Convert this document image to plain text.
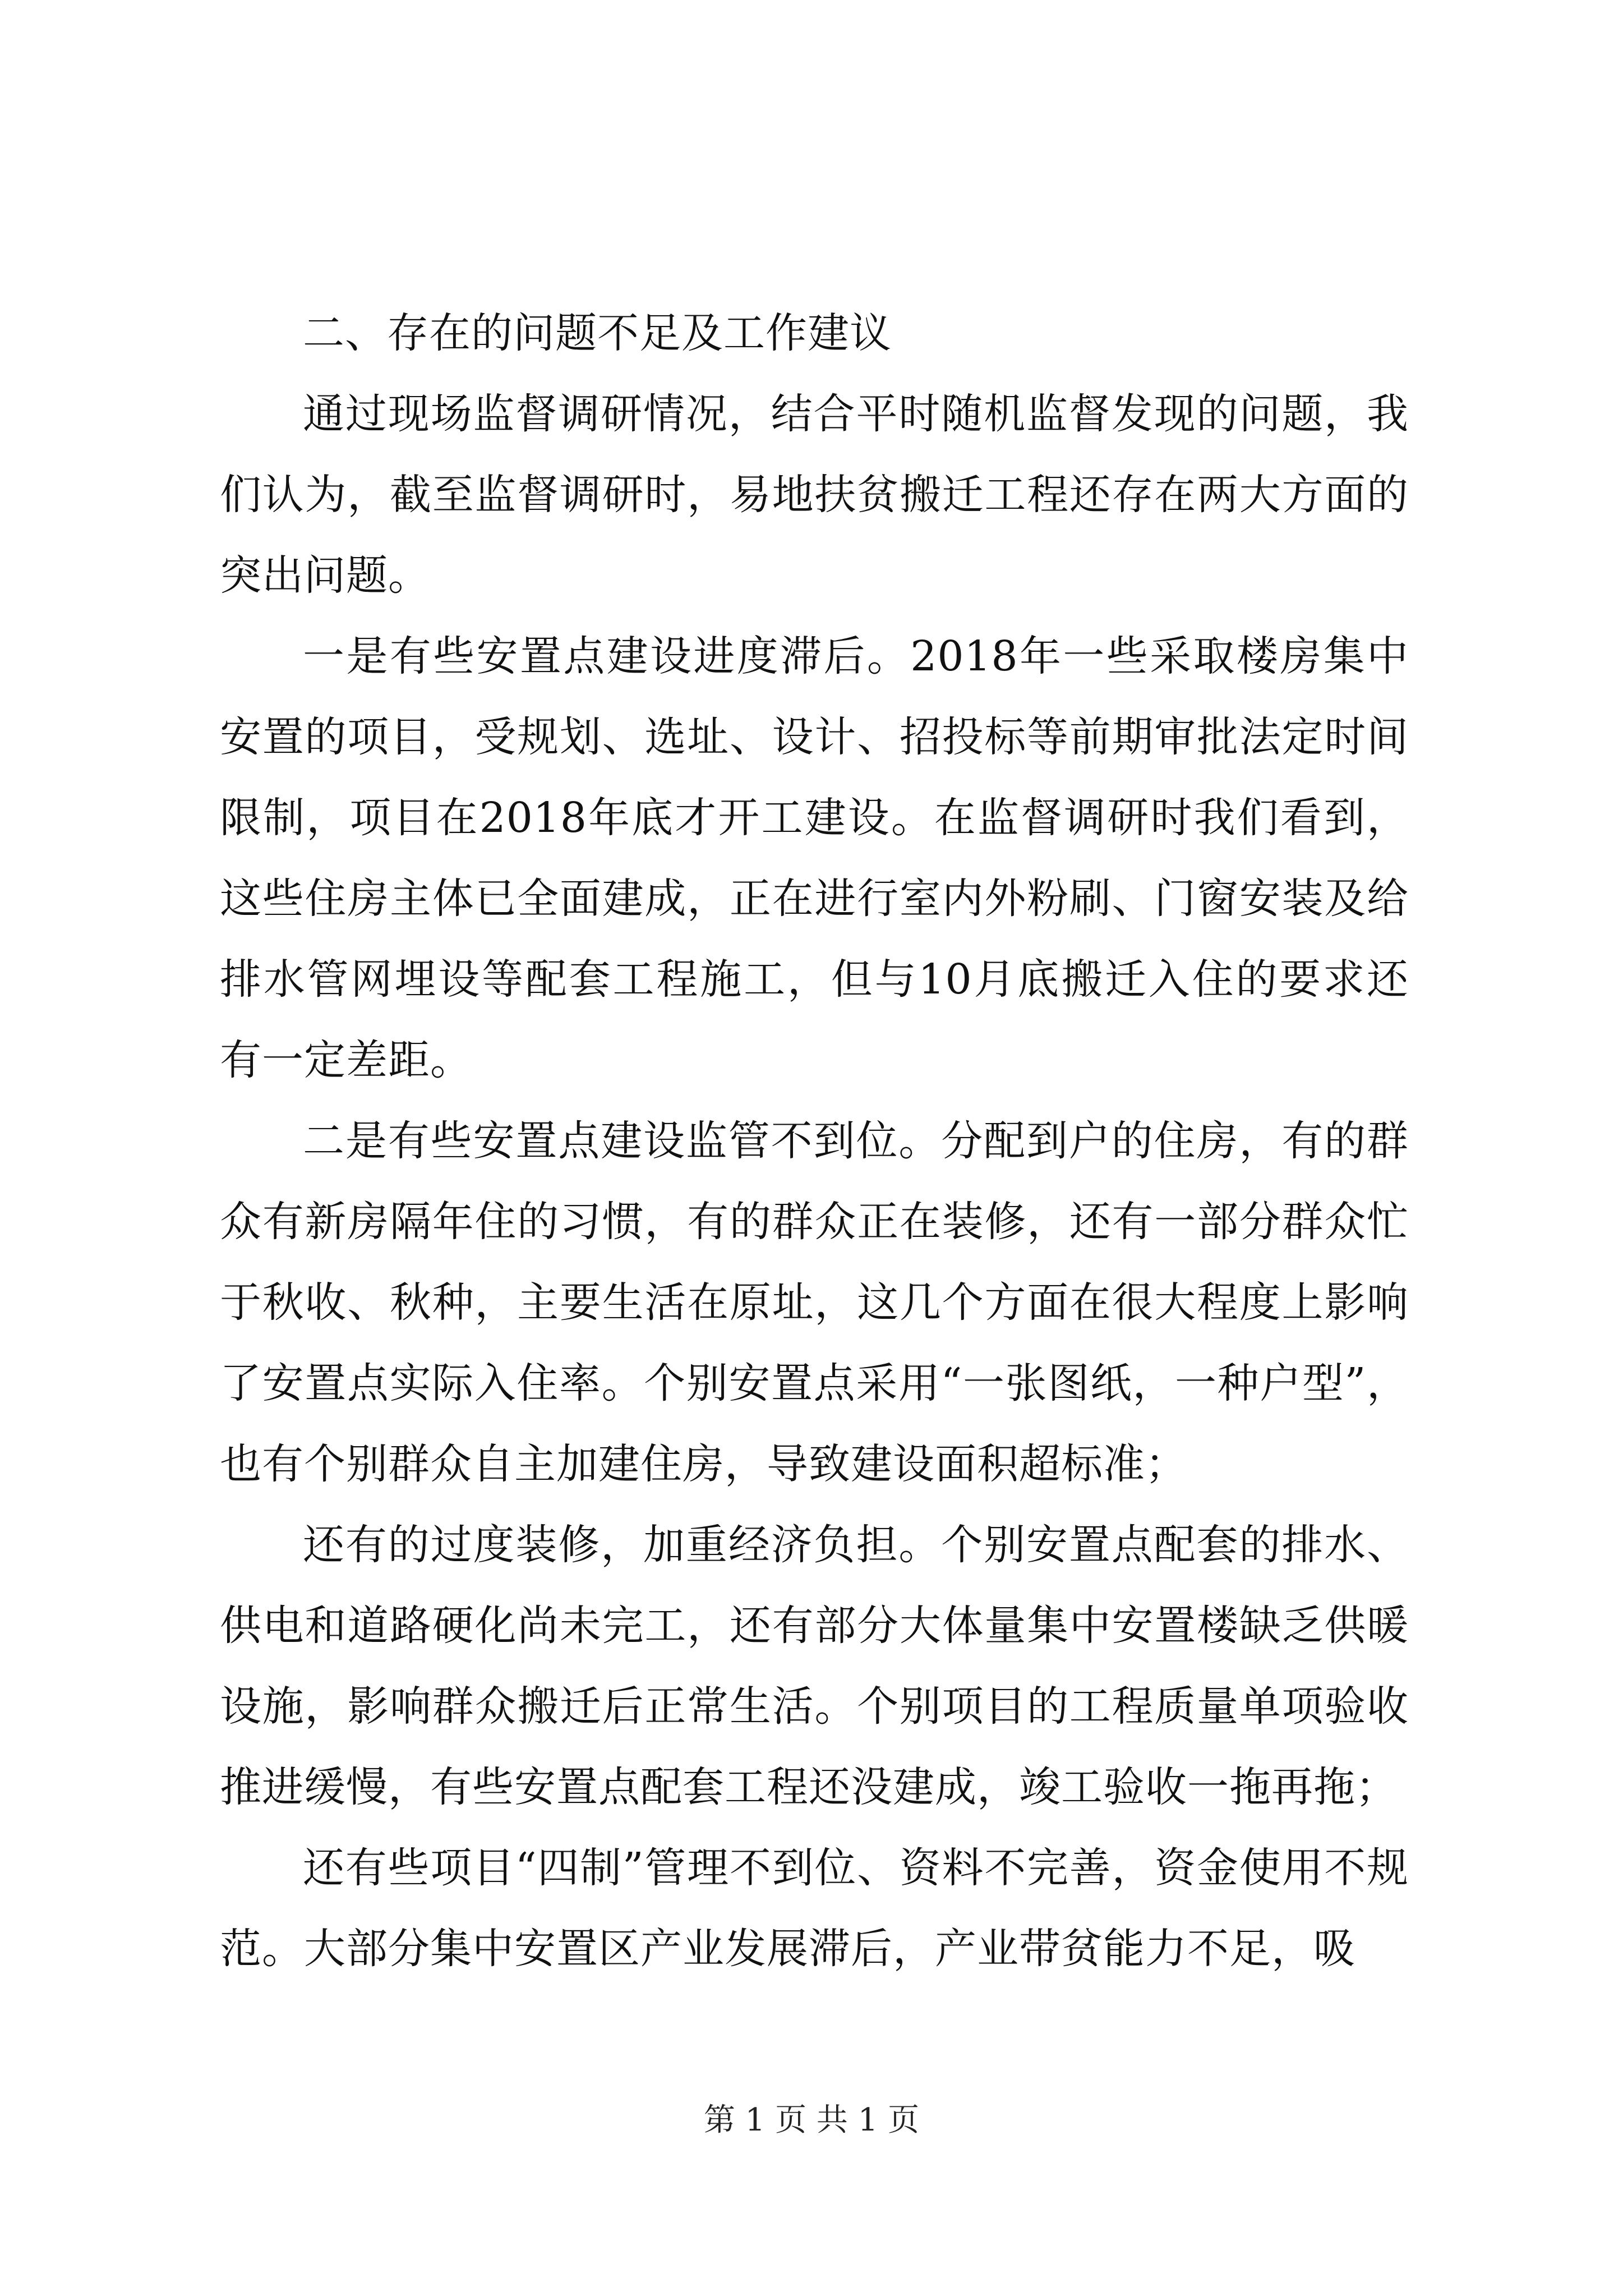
二、存在的问题不足及工作建议

通过现场监督调研情况，结合平时随机监督发现的问题，我们认为，截至监督调研时，易地扶贫搬迁工程还存在两大方面的突出问题。

一是有些安置点建设进度滞后。2018年一些采取楼房集中安置的项目，受规划、选址、设计、招投标等前期审批法定时间限制，项目在2018年底才开工建设。在监督调研时我们看到，这些住房主体已全面建成，正在进行室内外粉刷、门窗安装及给排水管网埋设等配套工程施工，但与10月底搬迁入住的要求还有一定差距。

二是有些安置点建设监管不到位。分配到户的住房，有的群众有新房隔年住的习惯，有的群众正在装修，还有一部分群众忙于秋收、秋种，主要生活在原址，这几个方面在很大程度上影响了安置点实际入住率。个别安置点采用“一张图纸，一种户型”，也有个别群众自主加建住房，导致建设面积超标准；

还有的过度装修，加重经济负担。个别安置点配套的排水、供电和道路硬化尚未完工，还有部分大体量集中安置楼缺乏供暖设施，影响群众搬迁后正常生活。个别项目的工程质量单项验收推进缓慢，有些安置点配套工程还没建成，竣工验收一拖再拖；

还有些项目“四制”管理不到位、资料不完善，资金使用不规范。大部分集中安置区产业发展滞后，产业带贫能力不足，吸

第 1 页 共 1 页
